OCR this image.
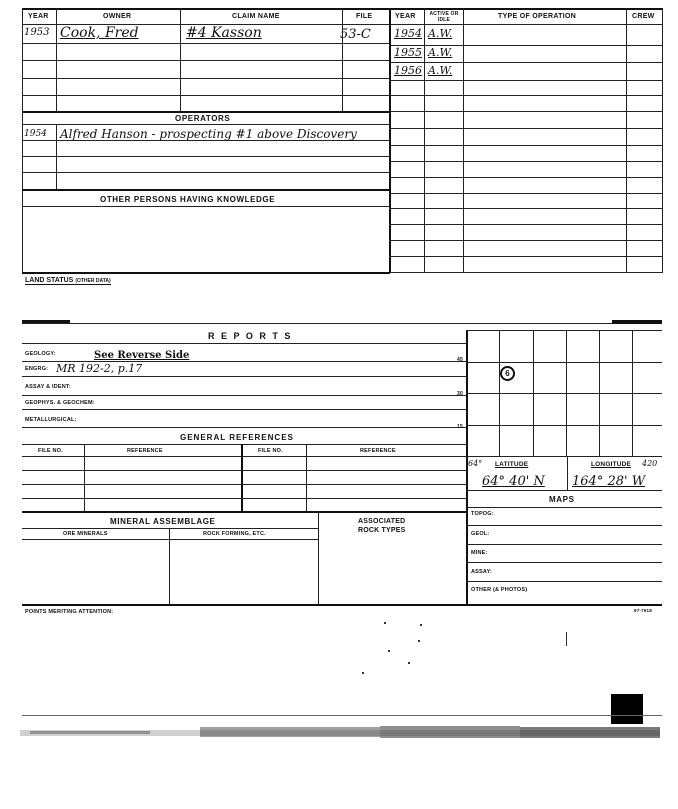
YEAR	OWNER	CLAIM NAME	FILE
1953 Cook, Fred	#4 Kasson	53-C
YEAR	ACTIVE OR IDLE	TYPE OF OPERATION	CREW
1954 A.W.
1955 A.W.
1956 A.W.
OPERATORS
1954 Alfred Hanson - prospecting #1 above Discovery
OTHER PERSONS HAVING KNOWLEDGE
LAND STATUS (OTHER DATA)
R E P O R T S
GEOLOGY:	See Reverse Side
ENGRG: MR 192-2, p.17
ASSAY & IDENT:
GEOPHYS. & GEOCHEM:
METALLURGICAL:
45
30
15
GENERAL REFERENCES
FILE NO.	REFERENCE	FILE NO.	REFERENCE
MINERAL ASSEMBLAGE
ORE MINERALS	ROCK FORMING, ETC.
ASSOCIATED
ROCK TYPES
6
64° LATITUDE	LONGITUDE 420
64° 40' N 164° 28' W
MAPS
TOPOG:
GEOL:
MINE:
ASSAY:
OTHER (& PHOTOS)
POINTS MERITING ATTENTION:	97-7918
